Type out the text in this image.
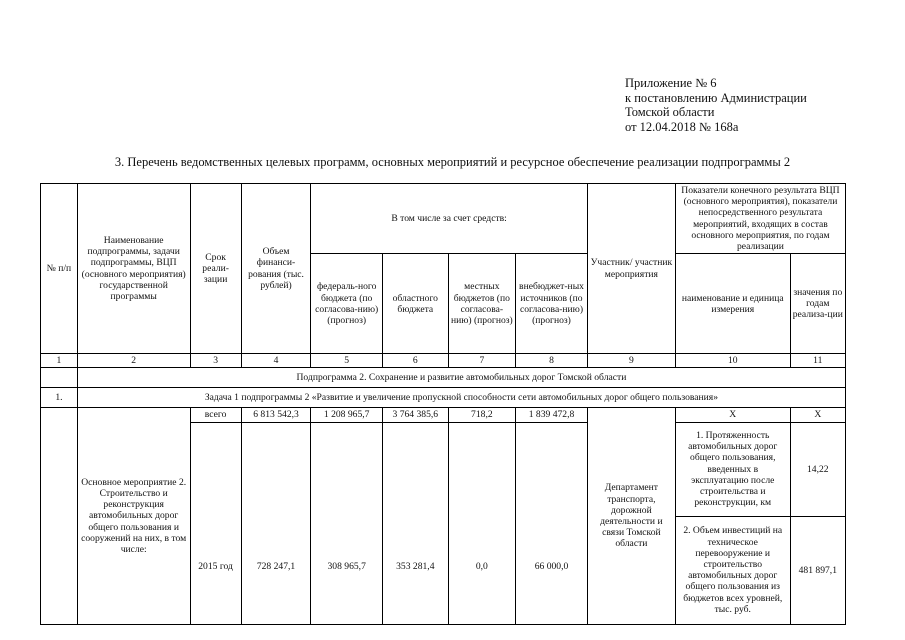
Приложение № 6
к постановлению Администрации
Томской области
от 12.04.2018 № 168а
3. Перечень ведомственных целевых программ, основных мероприятий и ресурсное обеспечение реализации подпрограммы 2
№ п/п	Наименование подпрограммы, задачи подпрограммы, ВЦП (основного мероприятия) государственной программы	Срок реали-зации	Объем финанси-рования (тыс. рублей)	В том числе за счет средств:				Участник/ участник мероприятия	Показатели конечного результата ВЦП (основного мероприятия), показатели непосредственного результата мероприятий, входящих в состав основного мероприятия, по годам реализации	
				федераль-ного бюджета (по согласова-нию) (прогноз)	областного бюджета	местных бюджетов (по согласова-нию) (прогноз)	внебюджет-ных источников (по согласова-нию) (прогноз)		наименование и единица измерения	значения по годам реализа-ции
1	2	3	4	5	6	7	8	9	10	11
	Подпрограмма 2. Сохранение и развитие автомобильных дорог Томской области									
1.	Задача 1 подпрограммы 2 «Развитие и увеличение пропускной способности сети автомобильных дорог общего пользования»									
	Основное мероприятие 2. Строительство и реконструкция автомобильных дорог общего пользования и сооружений на них, в том числе:	всего	6 813 542,3	1 208 965,7	3 764 385,6	718,2	1 839 472,8	Департамент транспорта, дорожной деятельности и связи Томской области	Х	Х
		2015 год	728 247,1	308 965,7	353 281,4	0,0	66 000,0		1. Протяженность автомобильных дорог общего пользования, введенных в эксплуатацию после строительства и реконструкции, км	14,22

									2. Объем инвестиций на техническое перевооружение и строительство автомобильных дорог общего пользования из бюджетов всех уровней, тыс. руб.	481 897,1
